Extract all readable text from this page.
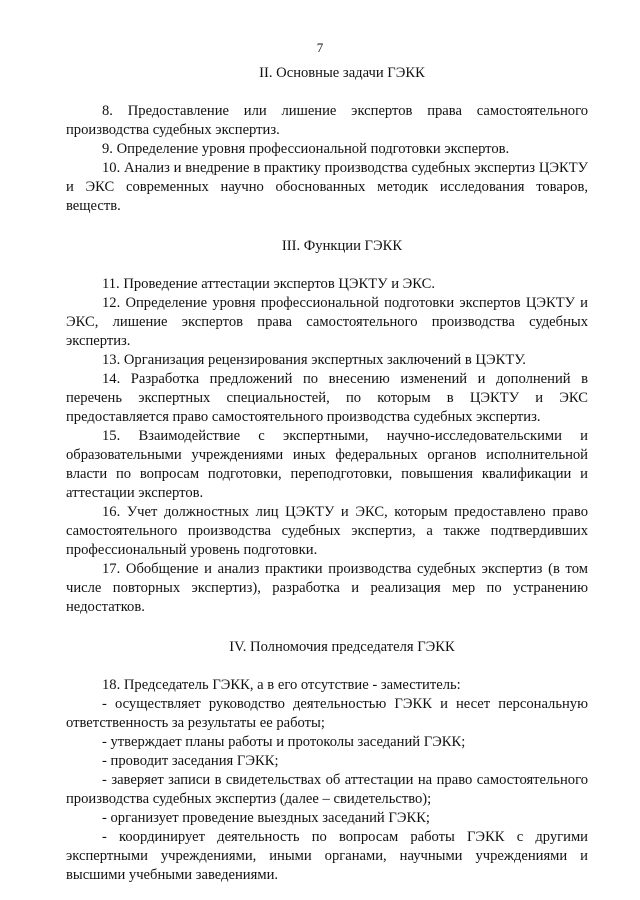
7
II. Основные задачи ГЭКК

8. Предоставление или лишение экспертов права самостоятельного производства судебных экспертиз.

9. Определение уровня профессиональной подготовки экспертов.

10. Анализ и внедрение в практику производства судебных экспертиз ЦЭКТУ и ЭКС современных научно обоснованных методик исследования товаров, веществ.

III. Функции ГЭКК

11. Проведение аттестации экспертов ЦЭКТУ и ЭКС.

12. Определение уровня профессиональной подготовки экспертов ЦЭКТУ и ЭКС, лишение экспертов права самостоятельного производства судебных экспертиз.

13. Организация рецензирования экспертных заключений в ЦЭКТУ.

14. Разработка предложений по внесению изменений и дополнений в перечень экспертных специальностей, по которым в ЦЭКТУ и ЭКС предоставляется право самостоятельного производства судебных экспертиз.

15. Взаимодействие с экспертными, научно-исследовательскими и образовательными учреждениями иных федеральных органов исполнительной власти по вопросам подготовки, переподготовки, повышения квалификации и аттестации экспертов.

16. Учет должностных лиц ЦЭКТУ и ЭКС, которым предоставлено право самостоятельного производства судебных экспертиз, а также подтвердивших профессиональный уровень подготовки.

17. Обобщение и анализ практики производства судебных экспертиз (в том числе повторных экспертиз), разработка и реализация мер по устранению недостатков.

IV. Полномочия председателя ГЭКК

18. Председатель ГЭКК, а в его отсутствие - заместитель:

- осуществляет руководство деятельностью ГЭКК и несет персональную ответственность за результаты ее работы;

- утверждает планы работы и протоколы заседаний ГЭКК;

- проводит заседания ГЭКК;

- заверяет записи в свидетельствах об аттестации на право самостоятельного производства судебных экспертиз (далее – свидетельство);

- организует проведение выездных заседаний ГЭКК;

- координирует деятельность по вопросам работы ГЭКК с другими экспертными учреждениями, иными органами, научными учреждениями и высшими учебными заведениями.
